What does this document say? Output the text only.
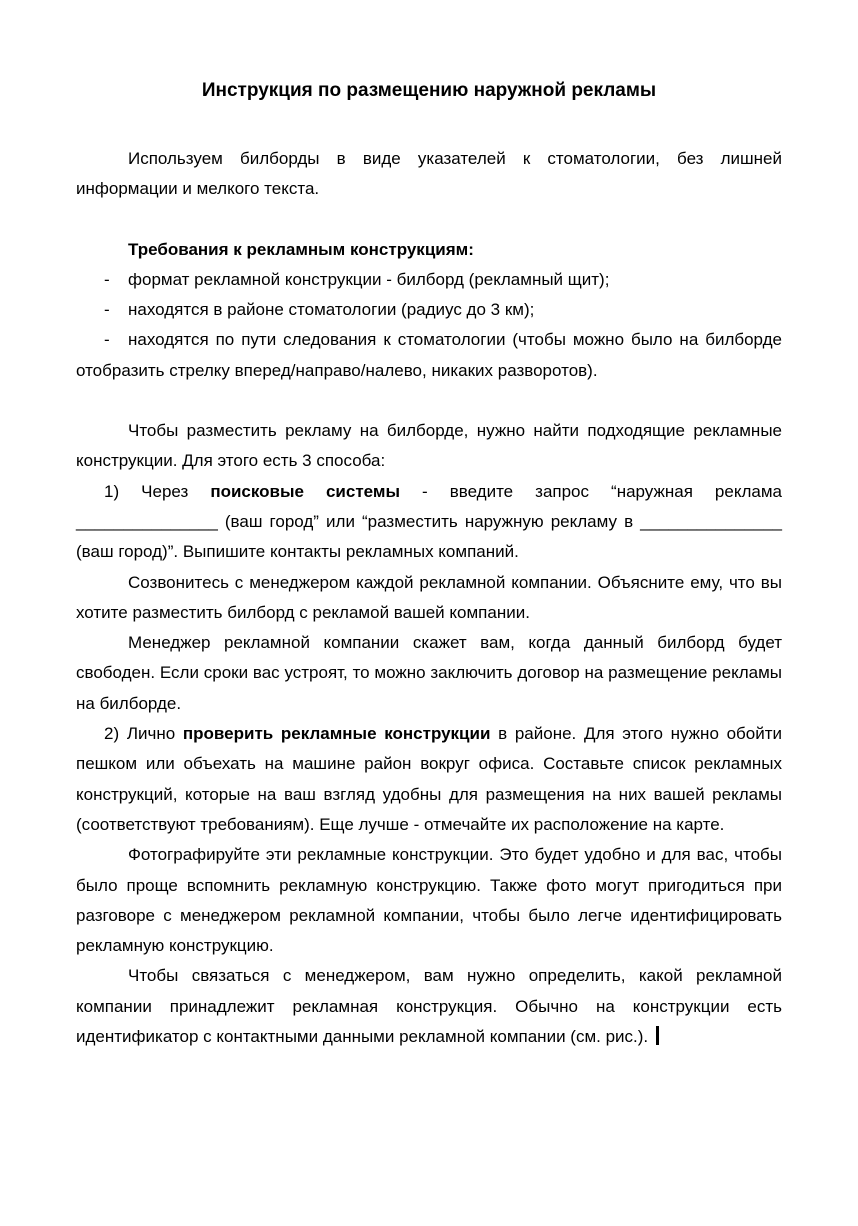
Инструкция по размещению наружной рекламы

Используем билборды в виде указателей к стоматологии, без лишней информации и мелкого текста.

Требования к рекламным конструкциям:

-	формат рекламной конструкции - билборд (рекламный щит);
-	находятся в районе стоматологии (радиус до 3 км);

- находятся по пути следования к стоматологии (чтобы можно было на билборде отобразить стрелку вперед/направо/налево, никаких разворотов).

Чтобы разместить рекламу на билборде, нужно найти подходящие рекламные конструкции. Для этого есть 3 способа:

1) Через поисковые системы - введите запрос “наружная реклама _______________ (ваш город” или “разместить наружную рекламу в _______________ (ваш город)”. Выпишите контакты рекламных компаний.

Созвонитесь с менеджером каждой рекламной компании. Объясните ему, что вы хотите разместить билборд с рекламой вашей компании.

Менеджер рекламной компании скажет вам, когда данный билборд будет свободен. Если сроки вас устроят, то можно заключить договор на размещение рекламы на билборде.

2) Лично проверить рекламные конструкции в районе. Для этого нужно обойти пешком или объехать на машине район вокруг офиса. Составьте список рекламных конструкций, которые на ваш взгляд удобны для размещения на них вашей рекламы (соответствуют требованиям). Еще лучше - отмечайте их расположение на карте.

Фотографируйте эти рекламные конструкции. Это будет удобно и для вас, чтобы было проще вспомнить рекламную конструкцию. Также фото могут пригодиться при разговоре с менеджером рекламной компании, чтобы было легче идентифицировать рекламную конструкцию.

Чтобы связаться с менеджером, вам нужно определить, какой рекламной компании принадлежит рекламная конструкция. Обычно на конструкции есть идентификатор с контактными данными рекламной компании (см. рис.).
